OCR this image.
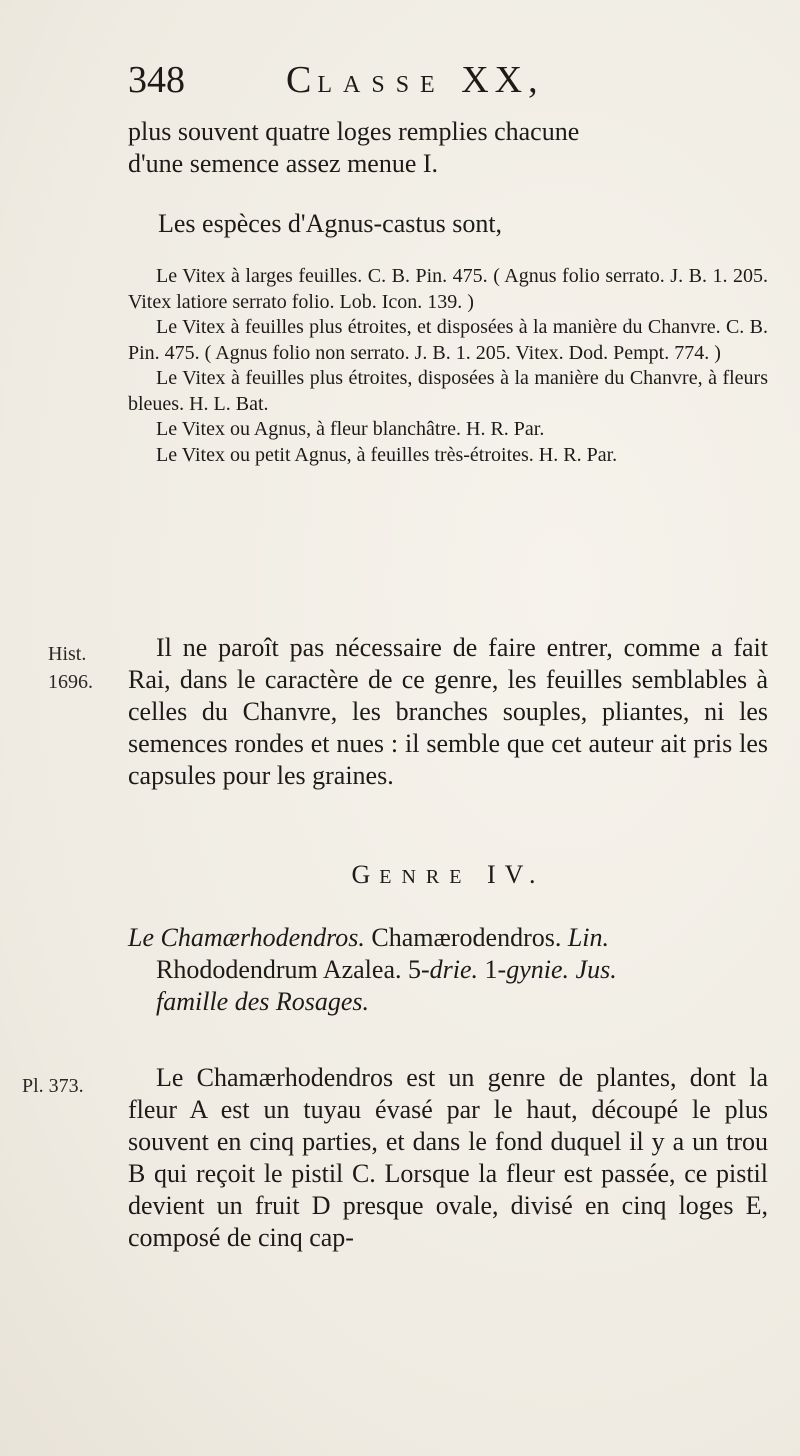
348	CLASSE XX,

plus souvent quatre loges remplies chacune

d'une semence assez menue I.

Les espèces d'Agnus-castus sont,

Le Vitex à larges feuilles. C. B. Pin. 475. ( Agnus folio serrato. J. B. 1. 205. Vitex latiore serrato folio. Lob. Icon. 139. )

Le Vitex à feuilles plus étroites, et disposées à la manière du Chanvre. C. B. Pin. 475. ( Agnus folio non serrato. J. B. 1. 205. Vitex. Dod. Pempt. 774. )

Le Vitex à feuilles plus étroites, disposées à la manière du Chanvre, à fleurs bleues. H. L. Bat.

Le Vitex ou Agnus, à fleur blanchâtre. H. R. Par.

Le Vitex ou petit Agnus, à feuilles très-étroites. H. R. Par.

Hist.
1696.

Il ne paroît pas nécessaire de faire entrer, comme a fait Rai, dans le caractère de ce genre, les feuilles semblables à celles du Chanvre, les branches souples, pliantes, ni les semences rondes et nues : il semble que cet auteur ait pris les capsules pour les graines.

GENRE IV.

Le Chamærhodendros. Chamærodendros. Lin.

Rhododendrum Azalea. 5-drie. 1-gynie. Jus.

famille des Rosages.

Pl. 373.	Le Chamærhodendros est un genre de plantes, dont la fleur A est un tuyau évasé par le haut, découpé le plus souvent en cinq parties, et dans le fond duquel il y a un trou B qui reçoit le pistil C. Lorsque la fleur est passée, ce pistil devient un fruit D presque ovale, divisé en cinq loges E, composé de cinq cap-
